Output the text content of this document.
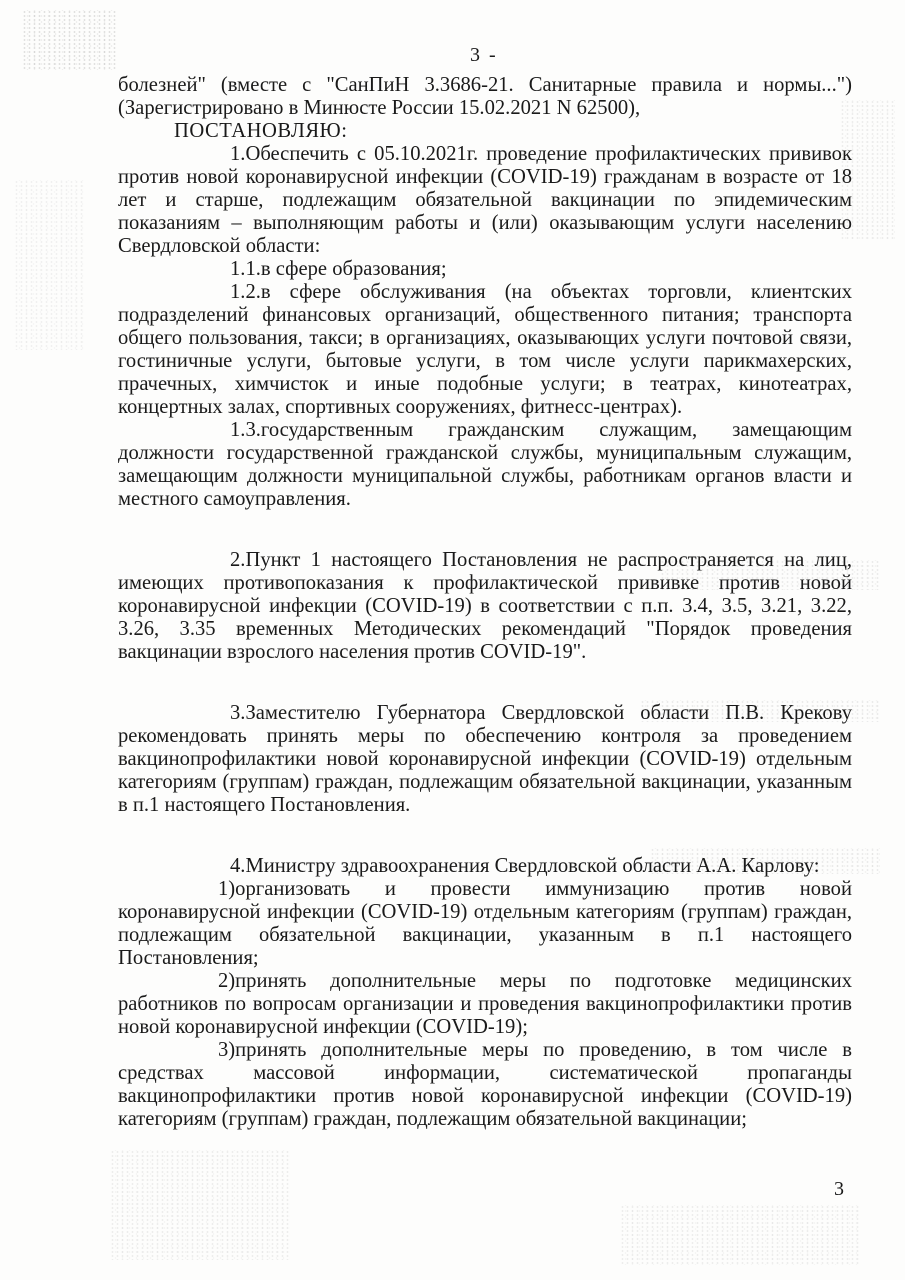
3 -

болезней" (вместе с "СанПиН 3.3686-21. Санитарные правила и нормы...") (Зарегистрировано в Минюсте России 15.02.2021 N 62500),

ПОСТАНОВЛЯЮ:

1.Обеспечить с 05.10.2021г. проведение профилактических прививок против новой коронавирусной инфекции (COVID-19) гражданам в возрасте от 18 лет и старше, подлежащим обязательной вакцинации по эпидемическим показаниям – выполняющим работы и (или) оказывающим услуги населению Свердловской области:

1.1.в сфере образования;

1.2.в сфере обслуживания (на объектах торговли, клиентских подразделений финансовых организаций, общественного питания; транспорта общего пользования, такси; в организациях, оказывающих услуги почтовой связи, гостиничные услуги, бытовые услуги, в том числе услуги парикмахерских, прачечных, химчисток и иные подобные услуги; в театрах, кинотеатрах, концертных залах, спортивных сооружениях, фитнесс-центрах).

1.3.государственным гражданским служащим, замещающим должности государственной гражданской службы, муниципальным служащим, замещающим должности муниципальной службы, работникам органов власти и местного самоуправления.

2.Пункт 1 настоящего Постановления не распространяется на лиц, имеющих противопоказания к профилактической прививке против новой коронавирусной инфекции (COVID-19) в соответствии с п.п. 3.4, 3.5, 3.21, 3.22, 3.26, 3.35 временных Методических рекомендаций "Порядок проведения вакцинации взрослого населения против COVID-19".

3.Заместителю Губернатора Свердловской области П.В. Крекову рекомендовать принять меры по обеспечению контроля за проведением вакцинопрофилактики новой коронавирусной инфекции (COVID-19) отдельным категориям (группам) граждан, подлежащим обязательной вакцинации, указанным в п.1 настоящего Постановления.

4.Министру здравоохранения Свердловской области А.А. Карлову:

1)организовать и провести иммунизацию против новой коронавирусной инфекции (COVID-19) отдельным категориям (группам) граждан, подлежащим обязательной вакцинации, указанным в п.1 настоящего Постановления;

2)принять дополнительные меры по подготовке медицинских работников по вопросам организации и проведения вакцинопрофилактики против новой коронавирусной инфекции (COVID-19);

3)принять дополнительные меры по проведению, в том числе в средствах массовой информации, систематической пропаганды вакцинопрофилактики против новой коронавирусной инфекции (COVID-19) категориям (группам) граждан, подлежащим обязательной вакцинации;

3
